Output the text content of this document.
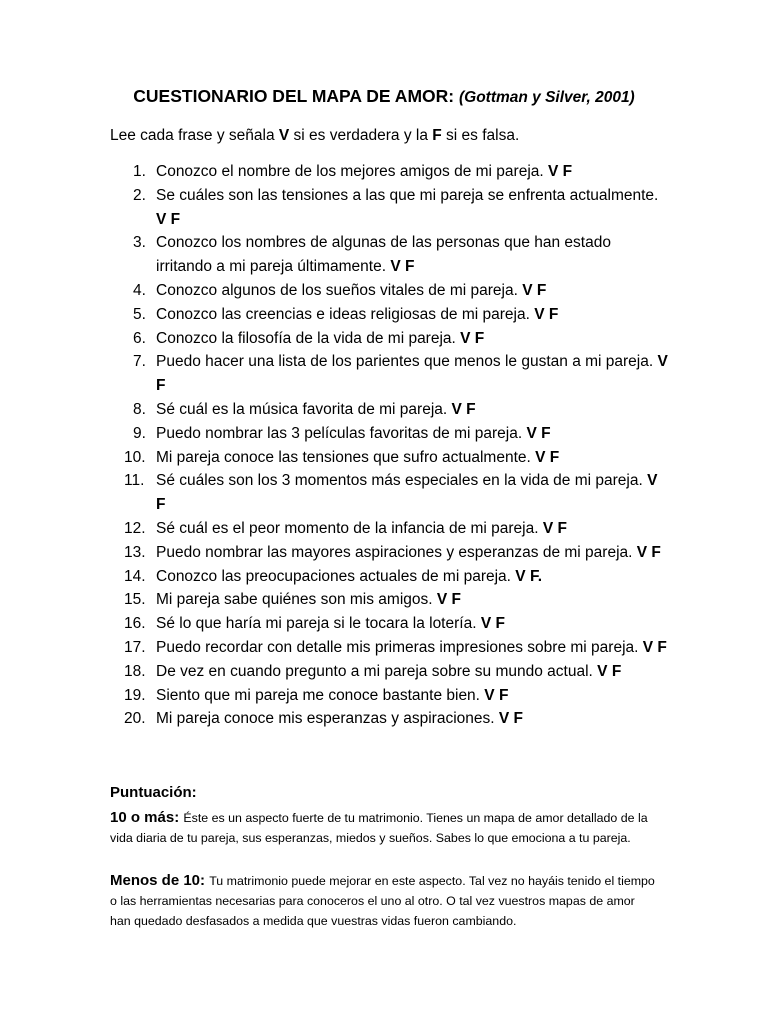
CUESTIONARIO DEL MAPA DE AMOR: (Gottman y Silver, 2001)
Lee cada frase y señala V si es verdadera y la F si es falsa.
1. Conozco el nombre de los mejores amigos de mi pareja. V F
2. Se cuáles son las tensiones a las que mi pareja se enfrenta actualmente. V F
3. Conozco los nombres de algunas de las personas que han estado irritando a mi pareja últimamente. V F
4. Conozco algunos de los sueños vitales de mi pareja. V F
5. Conozco las creencias e ideas religiosas de mi pareja. V F
6. Conozco la filosofía de la vida de mi pareja. V F
7. Puedo hacer una lista de los parientes que menos le gustan a mi pareja. V F
8. Sé cuál es la música favorita de mi pareja. V F
9. Puedo nombrar las 3 películas favoritas de mi pareja. V F
10. Mi pareja conoce las tensiones que sufro actualmente. V F
11. Sé cuáles son los 3 momentos más especiales en la vida de mi pareja. V F
12. Sé cuál es el peor momento de la infancia de mi pareja. V F
13. Puedo nombrar las mayores aspiraciones y esperanzas de mi pareja. V F
14. Conozco las preocupaciones actuales de mi pareja. V F.
15. Mi pareja sabe quiénes son mis amigos. V F
16. Sé lo que haría mi pareja si le tocara la lotería. V F
17. Puedo recordar con detalle mis primeras impresiones sobre mi pareja. V F
18. De vez en cuando pregunto a mi pareja sobre su mundo actual. V F
19. Siento que mi pareja me conoce bastante bien. V F
20. Mi pareja conoce mis esperanzas y aspiraciones. V F
Puntuación:
10 o más: Éste es un aspecto fuerte de tu matrimonio. Tienes un mapa de amor detallado de la vida diaria de tu pareja, sus esperanzas, miedos y sueños. Sabes lo que emociona a tu pareja.
Menos de 10: Tu matrimonio puede mejorar en este aspecto. Tal vez no hayáis tenido el tiempo o las herramientas necesarias para conoceros el uno al otro. O tal vez vuestros mapas de amor han quedado desfasados a medida que vuestras vidas fueron cambiando.
